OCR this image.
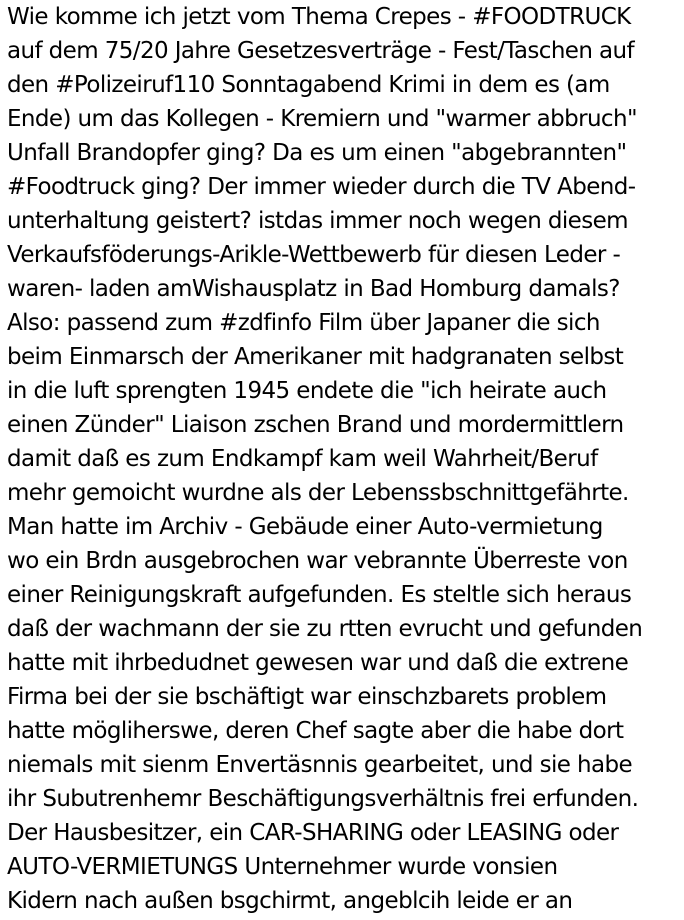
Wie komme ich jetzt vom Thema Crepes - #FOODTRUCK
auf dem 75/20 Jahre Gesetzesverträge - Fest/Taschen auf
den #Polizeiruf110 Sonntagabend Krimi in dem es (am
Ende) um das Kollegen - Kremiern und "warmer abbruch"
Unfall Brandopfer ging? Da es um einen "abgebrannten"
#Foodtruck ging? Der immer wieder durch die TV Abend-
unterhaltung geistert? istdas immer noch wegen diesem
Verkaufsföderungs-Arikle-Wettbewerb für diesen Leder -
waren- laden amWishausplatz in Bad Homburg damals?
Also: passend zum #zdfinfo Film über Japaner die sich
beim Einmarsch der Amerikaner mit hadgranaten selbst
in die luft sprengten 1945 endete die "ich heirate auch
einen Zünder" Liaison zschen Brand und mordermittlern
damit daß es zum Endkampf kam weil Wahrheit/Beruf
mehr gemoicht wurdne als der Lebenssbschnittgefährte.
Man hatte im Archiv - Gebäude einer Auto-vermietung
wo ein Brdn ausgebrochen war vebrannte Überreste von
einer Reinigungskraft aufgefunden. Es steltle sich heraus
daß der wachmann der sie zu rtten evrucht und gefunden
hatte mit ihrbedudnet gewesen war und daß die extrene
Firma bei der sie bschäftigt war einschzbarets problem
hatte mögliherswe, deren Chef sagte aber die habe dort
niemals mit sienm Envertäsnnis gearbeitet, und sie habe
ihr Subutrenhemr Beschäftigungsverhältnis frei erfunden.
Der Hausbesitzer, ein CAR-SHARING oder LEASING oder
AUTO-VERMIETUNGS Unternehmer wurde vonsien
Kidern nach außen bsgchirmt, angeblcih leide er an
